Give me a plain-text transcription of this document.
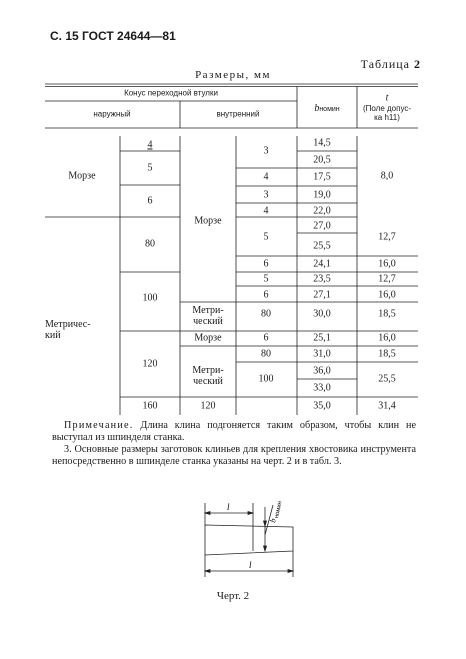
С. 15 ГОСТ 24644—81
Таблица 2
Размеры, мм
Конус переходной втулки
наружный	внутренний	bномин
t
(Поле допус-
ка h11)
Морзе
Метричес-
кий
4
5
6
80
100
120
160
Морзе
Метри-
ческий
Морзе
Метри-
ческий
120
3
4
3
4
5
6
5
6
80
6
80
100
14,5
20,5
17,5
19,0
22,0
27,0
25,5
24,1
23,5
27,1
30,0
25,1
31,0
36,0
33,0
35,0
8,0
12,7
16,0
12,7
16,0
18,5
16,0
18,5
25,5
31,4
Примечание. Длина клина подгоняется таким образом, чтобы клин не выступал из шпинделя станка.
3. Основные размеры заготовок клиньев для крепления хвостовика инструмента непосредственно в шпинделе станка указаны на черт. 2 и в табл. 3.
l
l
b
номин
Черт. 2
